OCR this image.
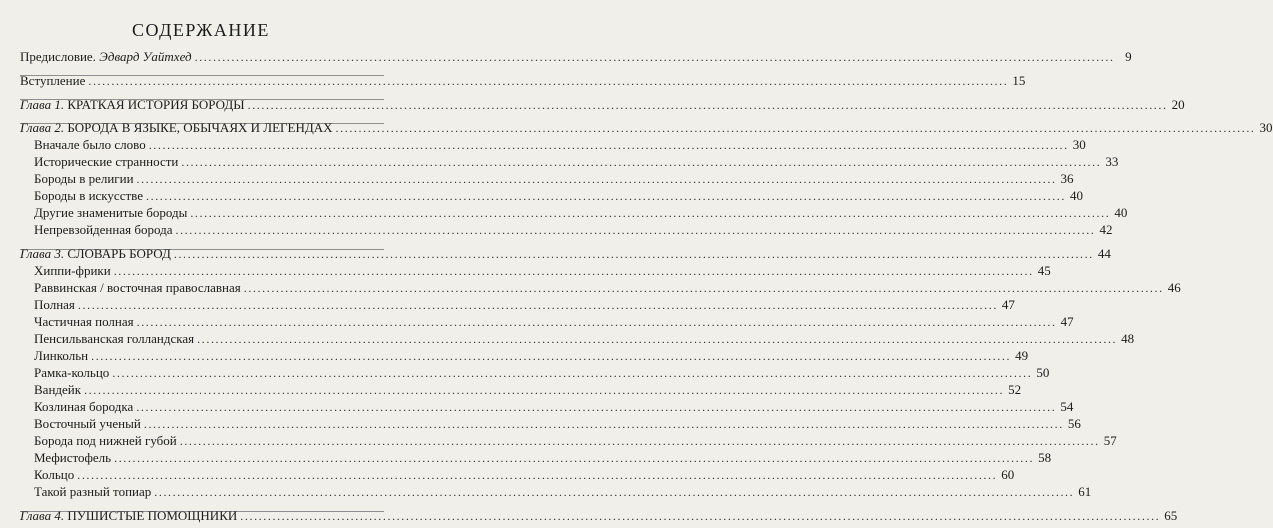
СОДЕРЖАНИЕ
Предисловие. Эдвард Уайтхед ........................................................................................................................................................................................................ 9
Вступление ........................................................................................................................................................................................................ 15
Глава 1. КРАТКАЯ ИСТОРИЯ БОРОДЫ ........................................................................................................................................................................................................ 20
Глава 2. БОРОДА В ЯЗЫКЕ, ОБЫЧАЯХ И ЛЕГЕНДАХ ........................................................................................................................................................................................................ 30
Вначале было слово ........................................................................................................................................................................................................ 30
Исторические странности ........................................................................................................................................................................................................ 33
Бороды в религии ........................................................................................................................................................................................................ 36
Бороды в искусстве ........................................................................................................................................................................................................ 40
Другие знаменитые бороды ........................................................................................................................................................................................................ 40
Непревзойденная борода ........................................................................................................................................................................................................ 42
Глава 3. СЛОВАРЬ БОРОД ........................................................................................................................................................................................................ 44
Хиппи-фрики ........................................................................................................................................................................................................ 45
Раввинская / восточная православная ........................................................................................................................................................................................................ 46
Полная ........................................................................................................................................................................................................ 47
Частичная полная ........................................................................................................................................................................................................ 47
Пенсильванская голландская ........................................................................................................................................................................................................ 48
Линкольн ........................................................................................................................................................................................................ 49
Рамка-кольцо ........................................................................................................................................................................................................ 50
Вандейк ........................................................................................................................................................................................................ 52
Козлиная бородка ........................................................................................................................................................................................................ 54
Восточный ученый ........................................................................................................................................................................................................ 56
Борода под нижней губой ........................................................................................................................................................................................................ 57
Мефистофель ........................................................................................................................................................................................................ 58
Кольцо ........................................................................................................................................................................................................ 60
Такой разный топиар ........................................................................................................................................................................................................ 61
Глава 4. ПУШИСТЫЕ ПОМОЩНИКИ ........................................................................................................................................................................................................ 65
